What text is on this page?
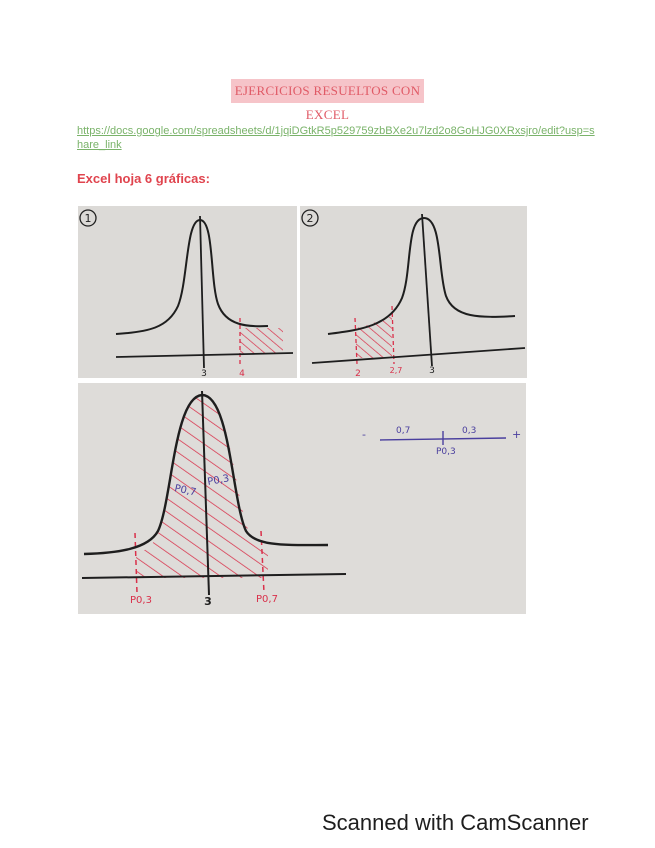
EJERCICIOS RESUELTOS CON EXCEL
https://docs.google.com/spreadsheets/d/1jqiDGtkR5p529759zbBXe2u7lzd2o8GoHJG0XRxsjro/edit?usp=share_link
Excel hoja 6 gráficas:
1
3	4
2
2	2,7	3
P0,7
P0,3
P0,3	3	P0,7
-	0,7	0,3
P0,3
+
Scanned with CamScanner
